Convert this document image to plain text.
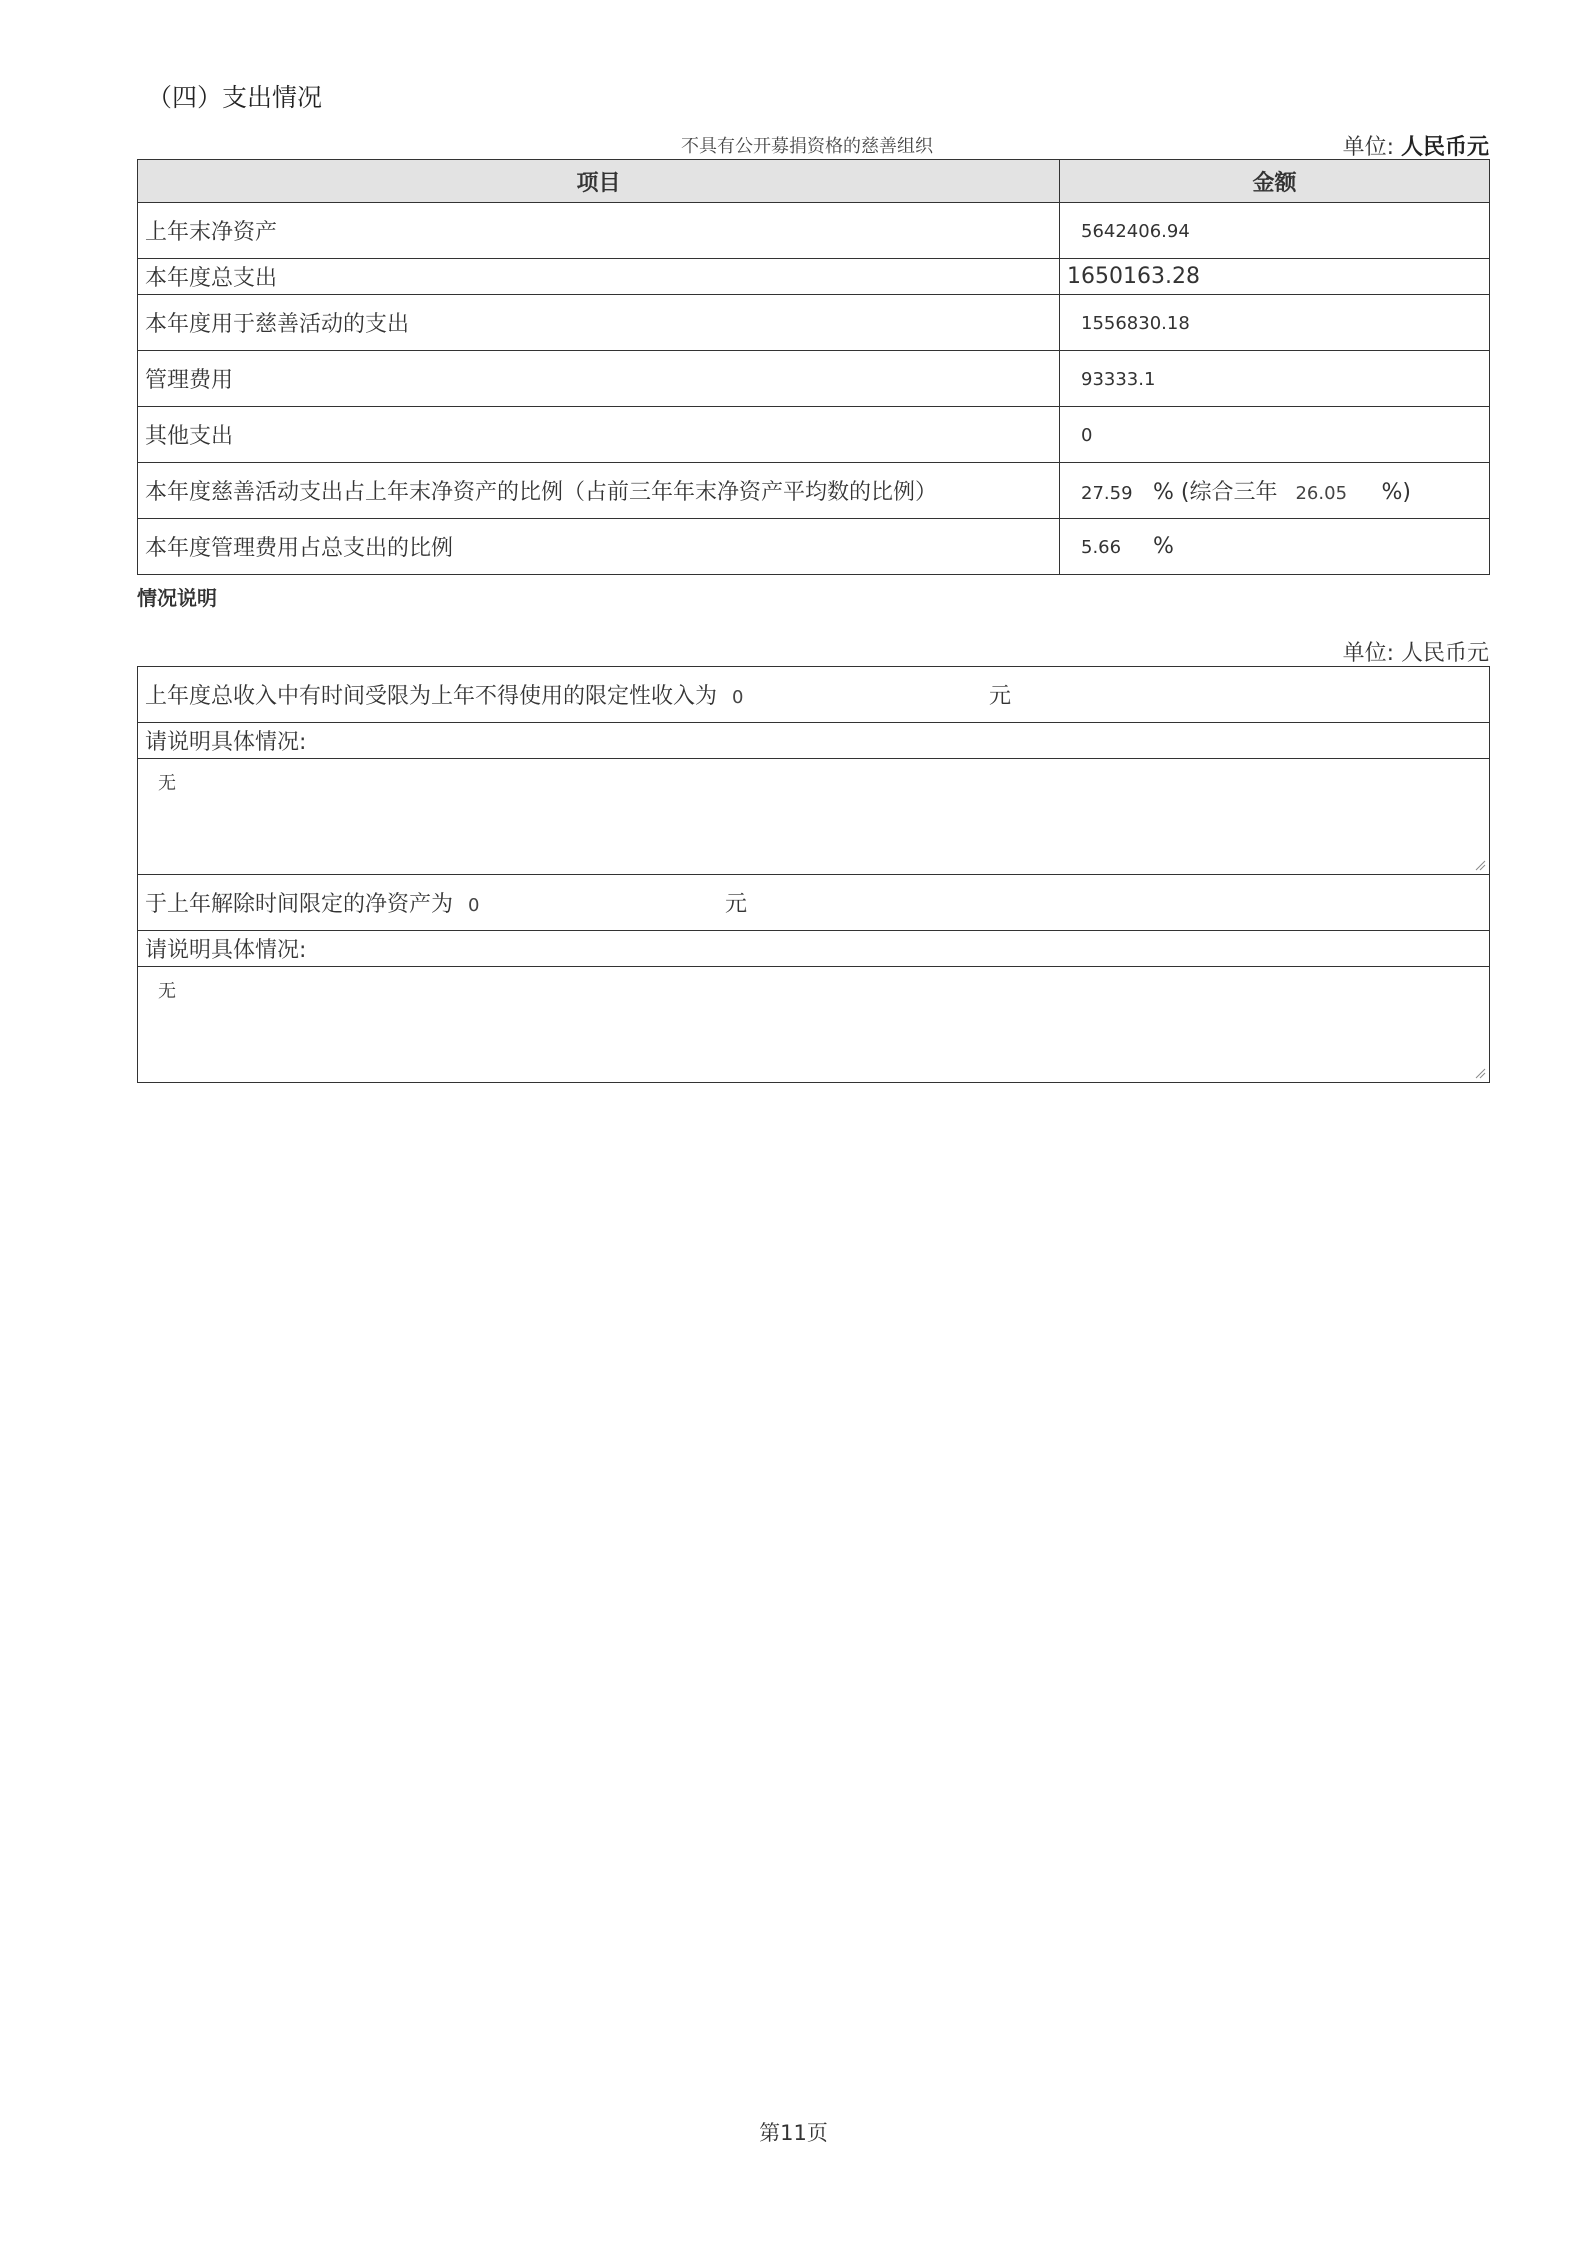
（四）支出情况
不具有公开募捐资格的慈善组织	单位: 人民币元
项目	金额
上年末净资产	5642406.94
本年度总支出	1650163.28
本年度用于慈善活动的支出	1556830.18
管理费用	93333.1
其他支出	0
本年度慈善活动支出占上年末净资产的比例（占前三年年末净资产平均数的比例）	27.59 % (综合三年 26.05 %)
本年度管理费用占总支出的比例	5.66 %
情况说明
单位: 人民币元
上年度总收入中有时间受限为上年不得使用的限定性收入为 0	元
请说明具体情况:
无

于上年解除时间限定的净资产为 0	元
请说明具体情况:
无
第11页
